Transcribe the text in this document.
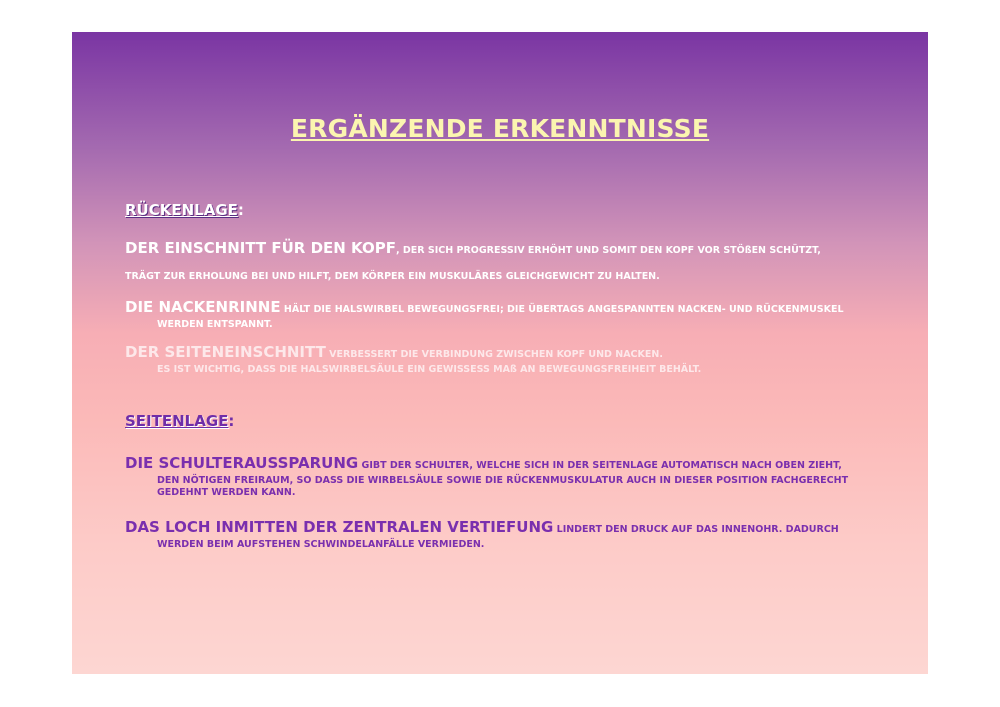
ERGÄNZENDE ERKENNTNISSE
RÜCKENLAGE:
DER EINSCHNITT FÜR DEN KOPF, DER SICH PROGRESSIV ERHÖHT UND SOMIT DEN KOPF VOR STÖßEN SCHÜTZT,
TRÄGT ZUR ERHOLUNG BEI UND HILFT, DEM KÖRPER EIN MUSKULÄRES GLEICHGEWICHT ZU HALTEN.
DIE NACKENRINNE HÄLT DIE HALSWIRBEL BEWEGUNGSFREI; DIE ÜBERTAGS ANGESPANNTEN NACKEN- UND RÜCKENMUSKEL
WERDEN ENTSPANNT.
DER SEITENEINSCHNITT VERBESSERT DIE VERBINDUNG ZWISCHEN KOPF UND NACKEN.
ES IST WICHTIG, DASS DIE HALSWIRBELSÄULE EIN GEWISSESS MAß AN BEWEGUNGSFREIHEIT BEHÄLT.
SEITENLAGE:
DIE SCHULTERAUSSPARUNG GIBT DER SCHULTER, WELCHE SICH IN DER SEITENLAGE AUTOMATISCH NACH OBEN ZIEHT,
DEN NÖTIGEN FREIRAUM, SO DASS DIE WIRBELSÄULE SOWIE DIE RÜCKENMUSKULATUR AUCH IN DIESER POSITION FACHGERECHT
GEDEHNT WERDEN KANN.
DAS LOCH INMITTEN DER ZENTRALEN VERTIEFUNG LINDERT DEN DRUCK AUF DAS INNENOHR. DADURCH
WERDEN BEIM AUFSTEHEN SCHWINDELANFÄLLE VERMIEDEN.
